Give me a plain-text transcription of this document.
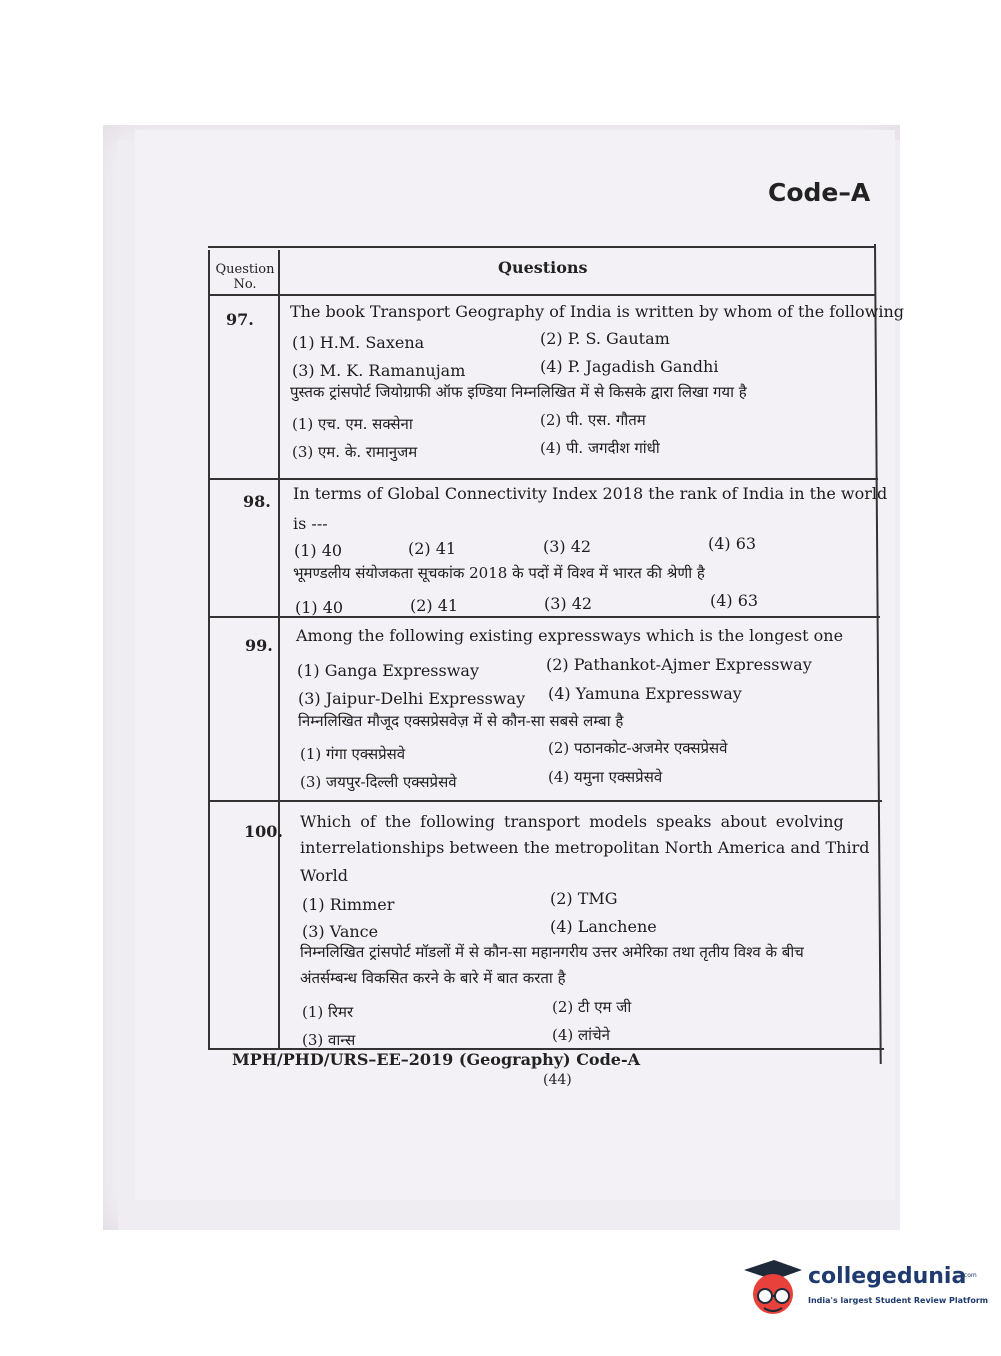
Code–A
Question No.
Questions
97. The book Transport Geography of India is written by whom of the following
(1) H.M. Saxena	(2) P. S. Gautam
(3) M. K. Ramanujam	(4) P. Jagadish Gandhi
पुस्तक ट्रांसपोर्ट जियोग्राफी ऑफ इण्डिया निम्नलिखित में से किसके द्वारा लिखा गया है
(1) एच. एम. सक्सेना	(2) पी. एस. गौतम
(3) एम. के. रामानुजम	(4) पी. जगदीश गांधी
98. In terms of Global Connectivity Index 2018 the rank of India in the world
is ---
(1) 40	(2) 41	(3) 42	(4) 63
भूमण्डलीय संयोजकता सूचकांक 2018 के पदों में विश्व में भारत की श्रेणी है
(1) 40	(2) 41	(3) 42	(4) 63
99.
Among the following existing expressways which is the longest one
(1) Ganga Expressway	(2) Pathankot-Ajmer Expressway
(3) Jaipur-Delhi Expressway (4) Yamuna Expressway
निम्नलिखित मौजूद एक्सप्रेसवेज़ में से कौन-सा सबसे लम्बा है
(1) गंगा एक्सप्रेसवे	(2) पठानकोट-अजमेर एक्सप्रेसवे
(3) जयपुर-दिल्ली एक्सप्रेसवे	(4) यमुना एक्सप्रेसवे
100.
Which of the following transport models speaks about evolving
interrelationships between the metropolitan North America and Third
World
(1) Rimmer	(2) TMG
(3) Vance	(4) Lanchene
निम्नलिखित ट्रांसपोर्ट मॉडलों में से कौन-सा महानगरीय उत्तर अमेरिका तथा तृतीय विश्व के बीच
अंतर्सम्बन्ध विकसित करने के बारे में बात करता है
(1) रिमर	(2) टी एम जी
(3) वान्स	(4) लांचेने
MPH/PHD/URS–EE–2019 (Geography) Code-A
(44)
collegedunia
.com
India's largest Student Review Platform
